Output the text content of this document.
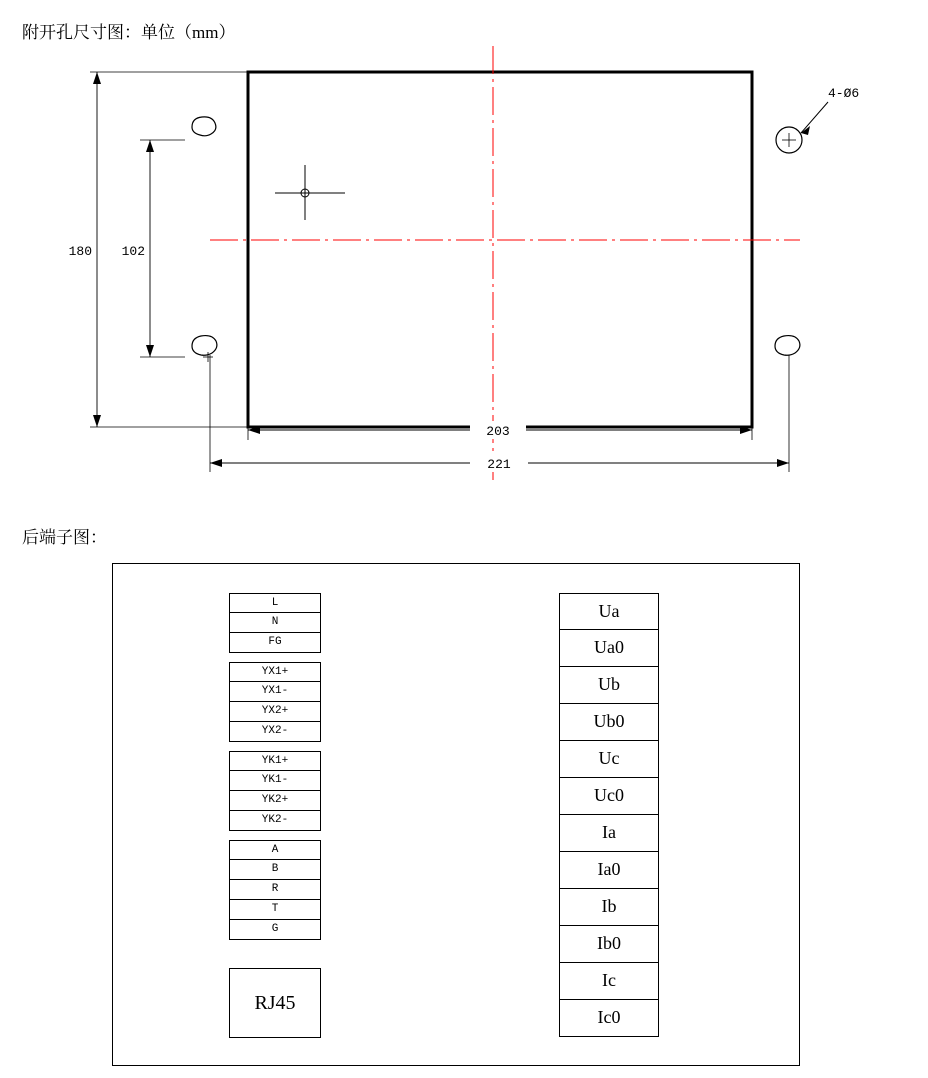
附开孔尺寸图：单位（mm）
4-Ø6
180 102
203
221
后端子图：
L
N
FG
YX1+
YX1-
YX2+
YX2-
YK1+
YK1-
YK2+
YK2-
A
B
R
T
G
RJ45
Ua
Ua0
Ub
Ub0
Uc
Uc0
Ia
Ia0
Ib
Ib0
Ic
Ic0
